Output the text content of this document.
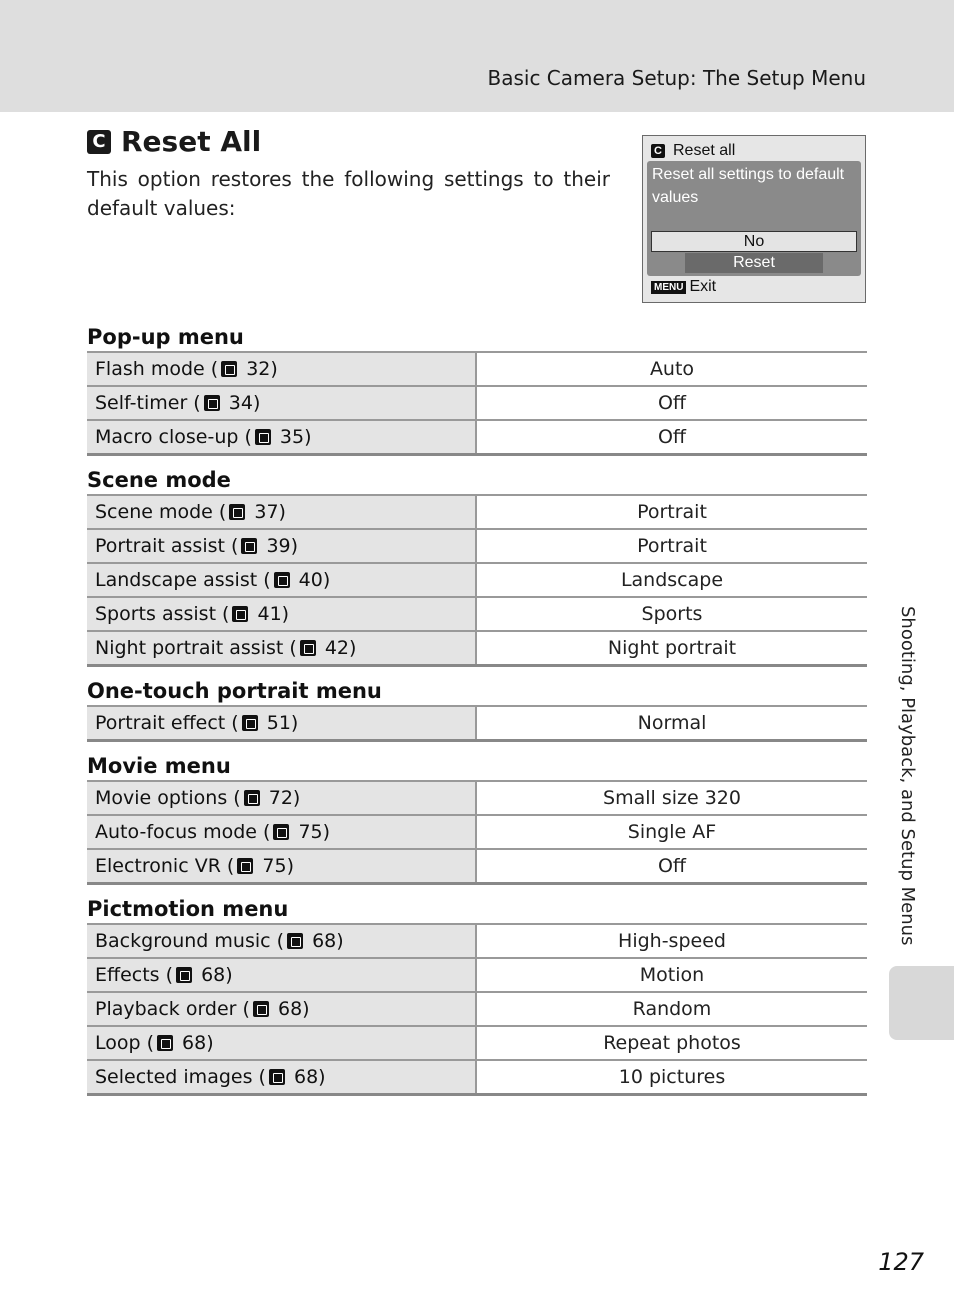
Basic Camera Setup: The Setup Menu
C Reset All
This option restores the following settings to their default values:
C Reset all
Reset all settings to default values
No
Reset
MENU Exit
Pop-up menu
Flash mode ( 32)	Auto
Self-timer ( 34)	Off
Macro close-up ( 35)	Off
Scene mode
Scene mode ( 37)	Portrait
Portrait assist ( 39)	Portrait
Landscape assist ( 40)	Landscape
Sports assist ( 41)	Sports
Night portrait assist ( 42)	Night portrait
One-touch portrait menu
Portrait effect ( 51)	Normal
Movie menu
Movie options ( 72)	Small size 320
Auto-focus mode ( 75)	Single AF
Electronic VR ( 75)	Off
Pictmotion menu
Background music ( 68)	High-speed
Effects ( 68)	Motion
Playback order ( 68)	Random
Loop ( 68)	Repeat photos
Selected images ( 68)	10 pictures
Shooting, Playback, and Setup Menus
127
